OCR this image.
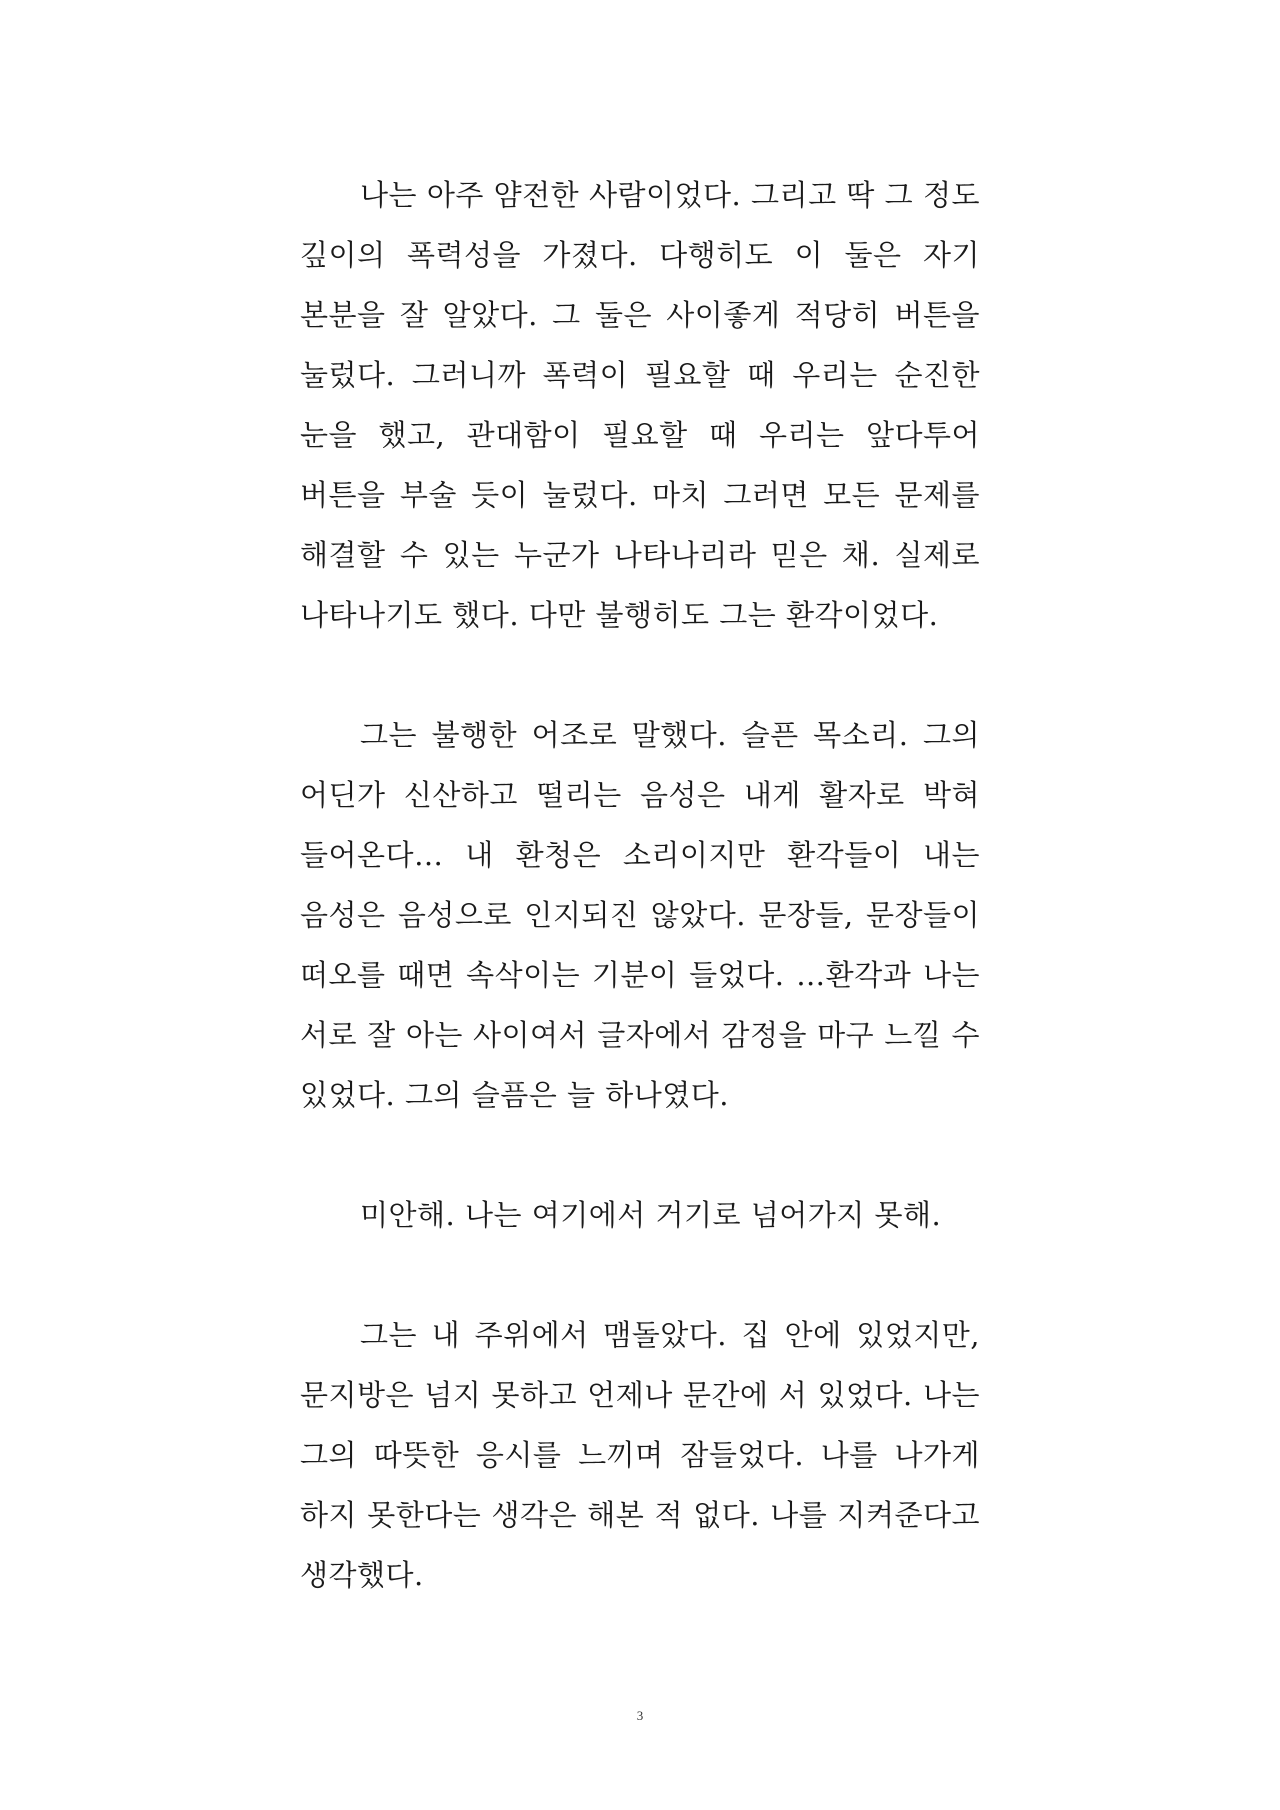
나는 아주 얌전한 사람이었다. 그리고 딱 그 정도 깊이의 폭력성을 가졌다. 다행히도 이 둘은 자기 본분을 잘 알았다. 그 둘은 사이좋게 적당히 버튼을 눌렀다. 그러니까 폭력이 필요할 때 우리는 순진한 눈을 했고, 관대함이 필요할 때 우리는 앞다투어 버튼을 부술 듯이 눌렀다. 마치 그러면 모든 문제를 해결할 수 있는 누군가 나타나리라 믿은 채. 실제로 나타나기도 했다. 다만 불행히도 그는 환각이었다.

그는 불행한 어조로 말했다. 슬픈 목소리. 그의 어딘가 신산하고 떨리는 음성은 내게 활자로 박혀 들어온다… 내 환청은 소리이지만 환각들이 내는 음성은 음성으로 인지되진 않았다. 문장들, 문장들이 떠오를 때면 속삭이는 기분이 들었다. …환각과 나는 서로 잘 아는 사이여서 글자에서 감정을 마구 느낄 수 있었다. 그의 슬픔은 늘 하나였다.

미안해. 나는 여기에서 거기로 넘어가지 못해.

그는 내 주위에서 맴돌았다. 집 안에 있었지만, 문지방은 넘지 못하고 언제나 문간에 서 있었다. 나는 그의 따뜻한 응시를 느끼며 잠들었다. 나를 나가게 하지 못한다는 생각은 해본 적 없다. 나를 지켜준다고 생각했다.

3
